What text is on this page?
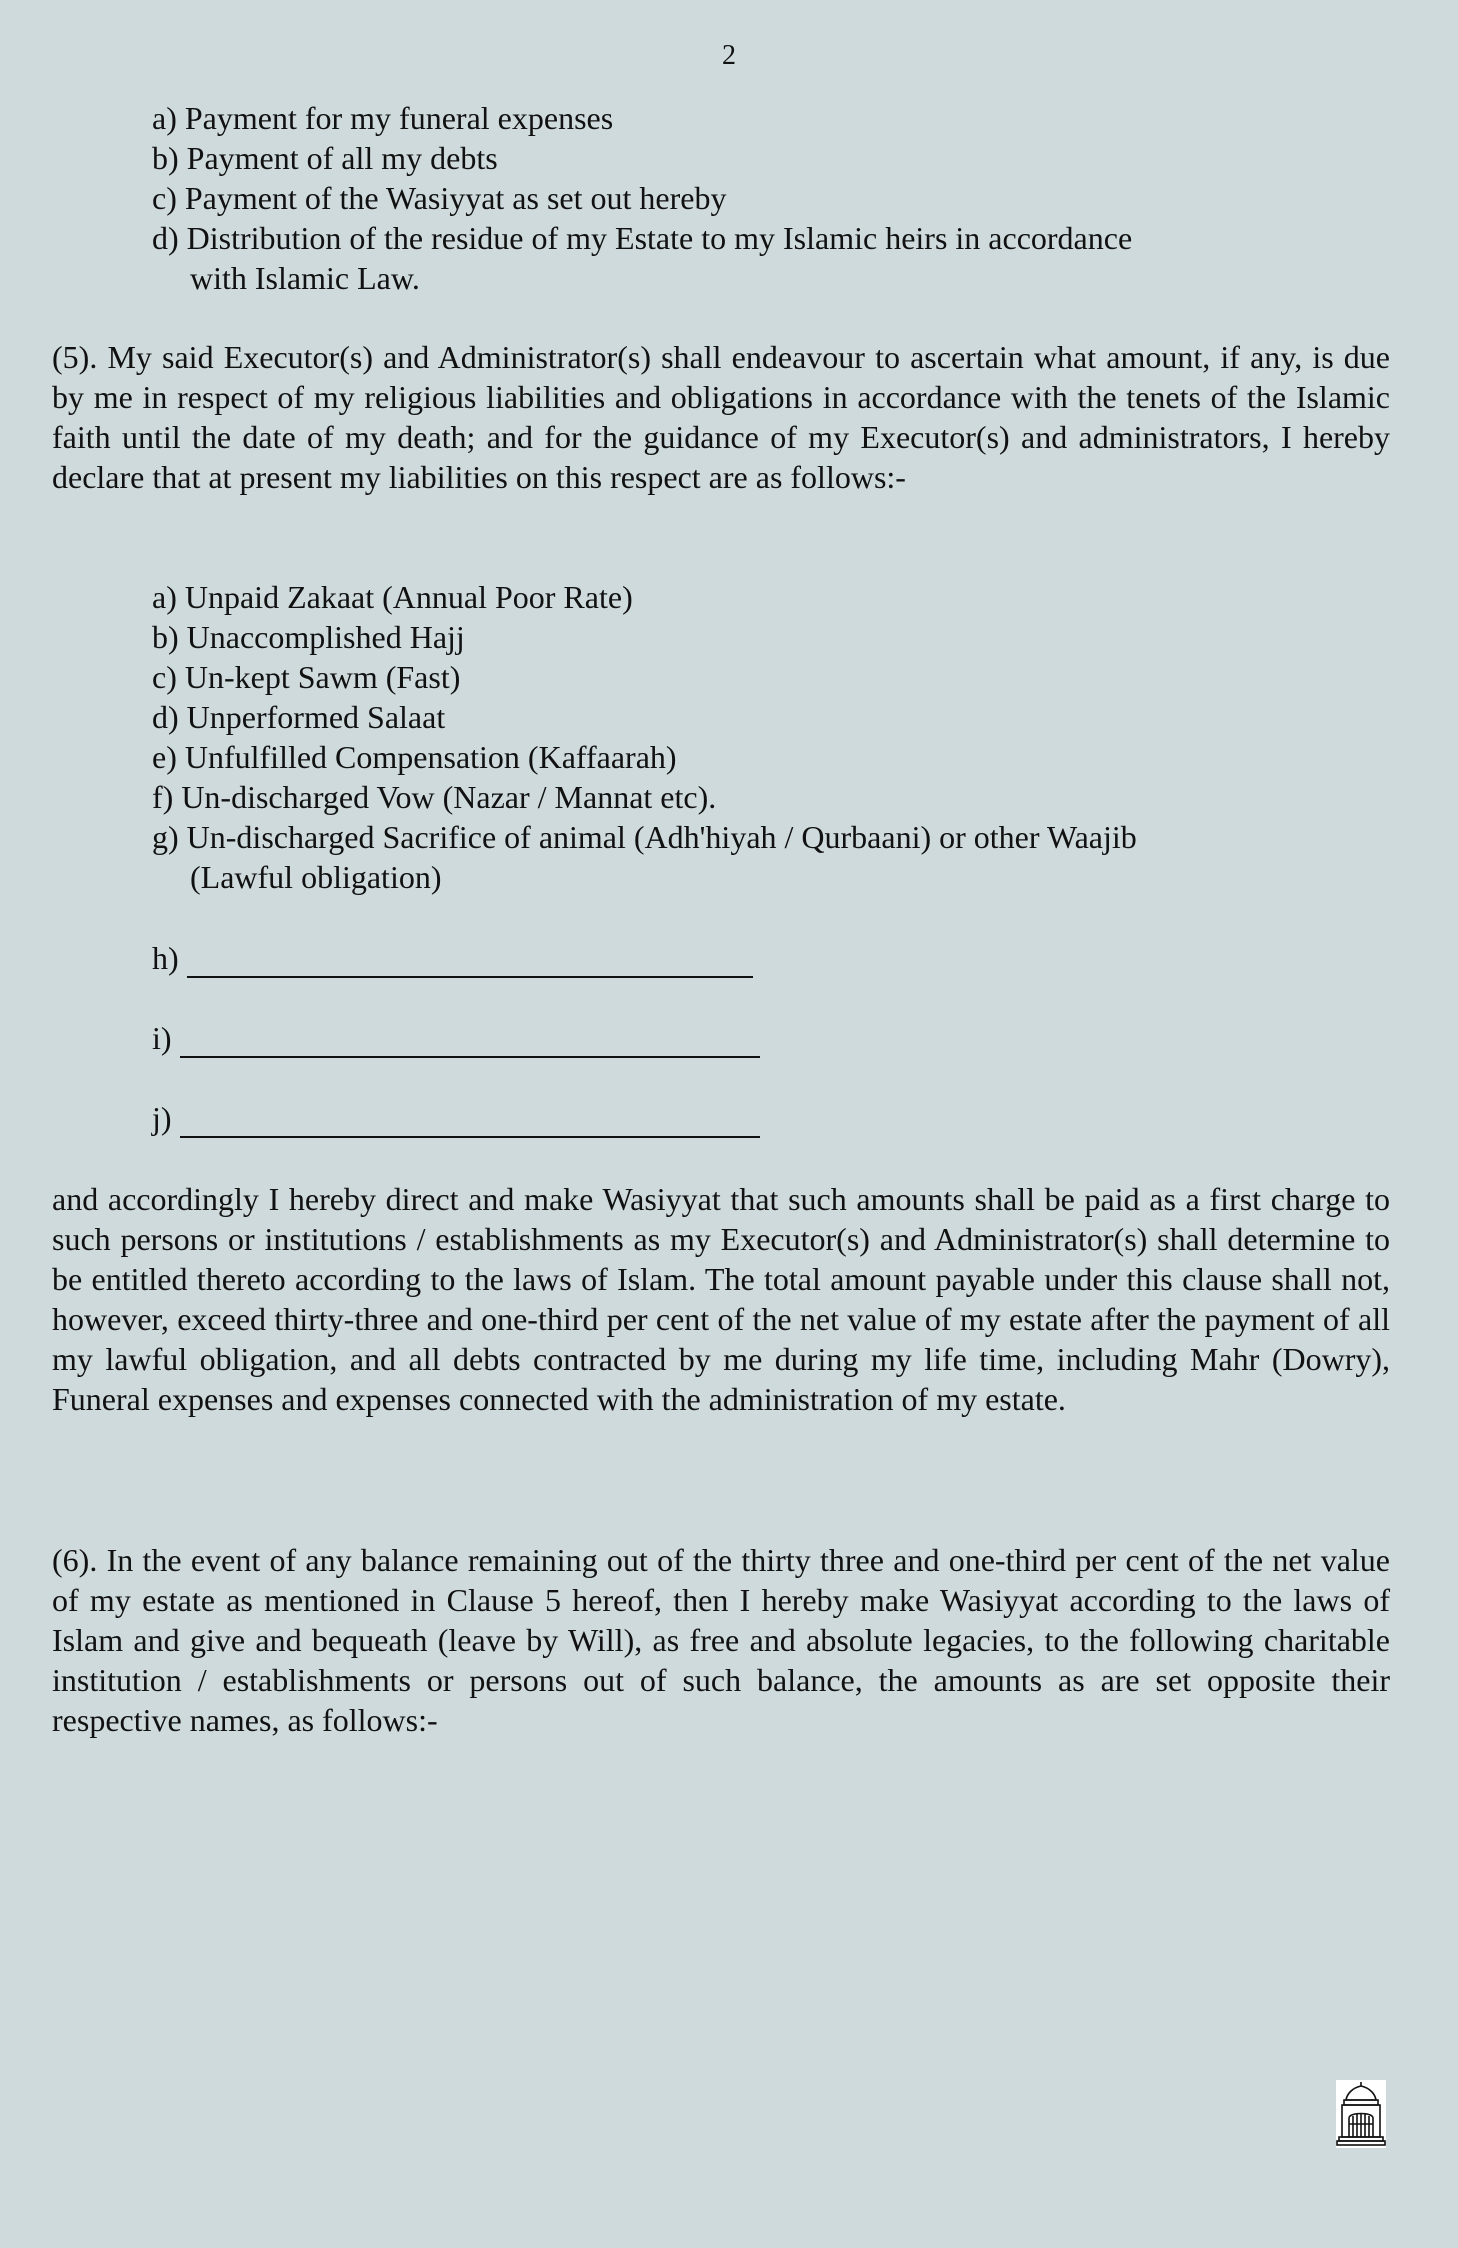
2
a) Payment for my funeral expenses
b) Payment of all my debts
c) Payment of the Wasiyyat as set out hereby
d) Distribution of the residue of my Estate to my Islamic heirs in accordance
with Islamic Law.
(5). My said Executor(s) and Administrator(s) shall endeavour to ascertain what amount, if any, is due by me in respect of my religious liabilities and obligations in accordance with the tenets of the Islamic faith until the date of my death; and for the guidance of my Executor(s) and administrators, I hereby declare that at present my liabilities on this respect are as follows:-
a) Unpaid Zakaat (Annual Poor Rate)
b) Unaccomplished Hajj
c) Un-kept Sawm (Fast)
d) Unperformed Salaat
e) Unfulfilled Compensation (Kaffaarah)
f) Un-discharged Vow (Nazar / Mannat etc).
g) Un-discharged Sacrifice of animal (Adh'hiyah / Qurbaani) or other Waajib
(Lawful obligation)
h)
i)
j)
and accordingly I hereby direct and make Wasiyyat that such amounts shall be paid as a first charge to such persons or institutions / establishments as my Executor(s) and Administrator(s) shall determine to be entitled thereto according to the laws of Islam. The total amount payable under this clause shall not, however, exceed thirty-three and one-third per cent of the net value of my estate after the payment of all my lawful obligation, and all debts contracted by me during my life time, including Mahr (Dowry), Funeral expenses and expenses connected with the administration of my estate.
(6). In the event of any balance remaining out of the thirty three and one-third per cent of the net value of my estate as mentioned in Clause 5 hereof, then I hereby make Wasiyyat according to the laws of Islam and give and bequeath (leave by Will), as free and absolute legacies, to the following charitable institution / establishments or persons out of such balance, the amounts as are set opposite their respective names, as follows:-
